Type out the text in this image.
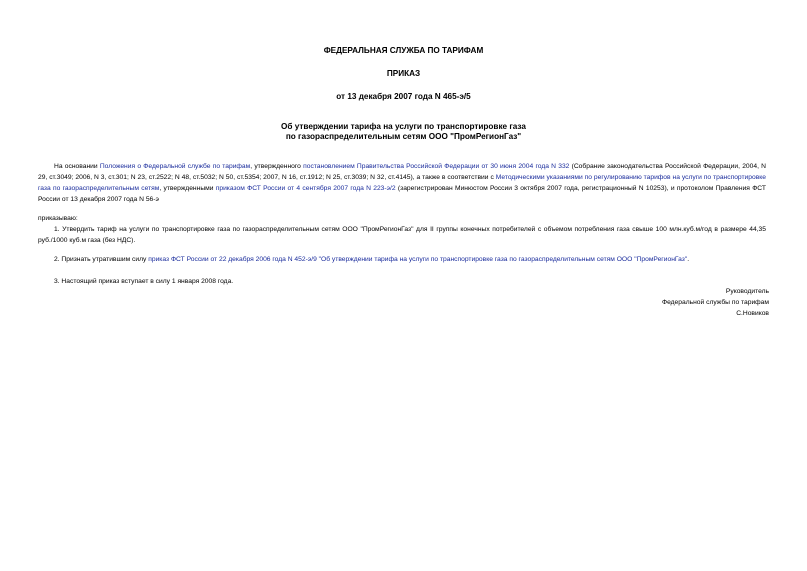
ФЕДЕРАЛЬНАЯ СЛУЖБА ПО ТАРИФАМ
ПРИКАЗ
от 13 декабря 2007 года N 465-э/5
Об утверждении тарифа на услуги по транспортировке газа
по газораспределительным сетям ООО "ПромРегионГаз"
На основании Положения о Федеральной службе по тарифам, утвержденного постановлением Правительства Российской Федерации от 30 июня 2004 года N 332 (Собрание законодательства Российской Федерации, 2004, N 29, ст.3049; 2006, N 3, ст.301; N 23, ст.2522; N 48, ст.5032; N 50, ст.5354; 2007, N 16, ст.1912; N 25, ст.3039; N 32, ст.4145), а также в соответствии с Методическими указаниями по регулированию тарифов на услуги по транспортировке газа по газораспределительным сетям, утвержденными приказом ФСТ России от 4 сентября 2007 года N 223-э/2 (зарегистрирован Минюстом России 3 октября 2007 года, регистрационный N 10253), и протоколом Правления ФСТ России от 13 декабря 2007 года N 56-э
приказываю:
1. Утвердить тариф на услуги по транспортировке газа по газораспределительным сетям ООО "ПромРегионГаз" для II группы конечных потребителей с объемом потребления газа свыше 100 млн.куб.м/год в размере 44,35 руб./1000 куб.м газа (без НДС).
2. Признать утратившим силу приказ ФСТ России от 22 декабря 2006 года N 452-э/9 "Об утверждении тарифа на услуги по транспортировке газа по газораспределительным сетям ООО "ПромРегионГаз".
3. Настоящий приказ вступает в силу 1 января 2008 года.
Руководитель
Федеральной службы по тарифам
С.Новиков
